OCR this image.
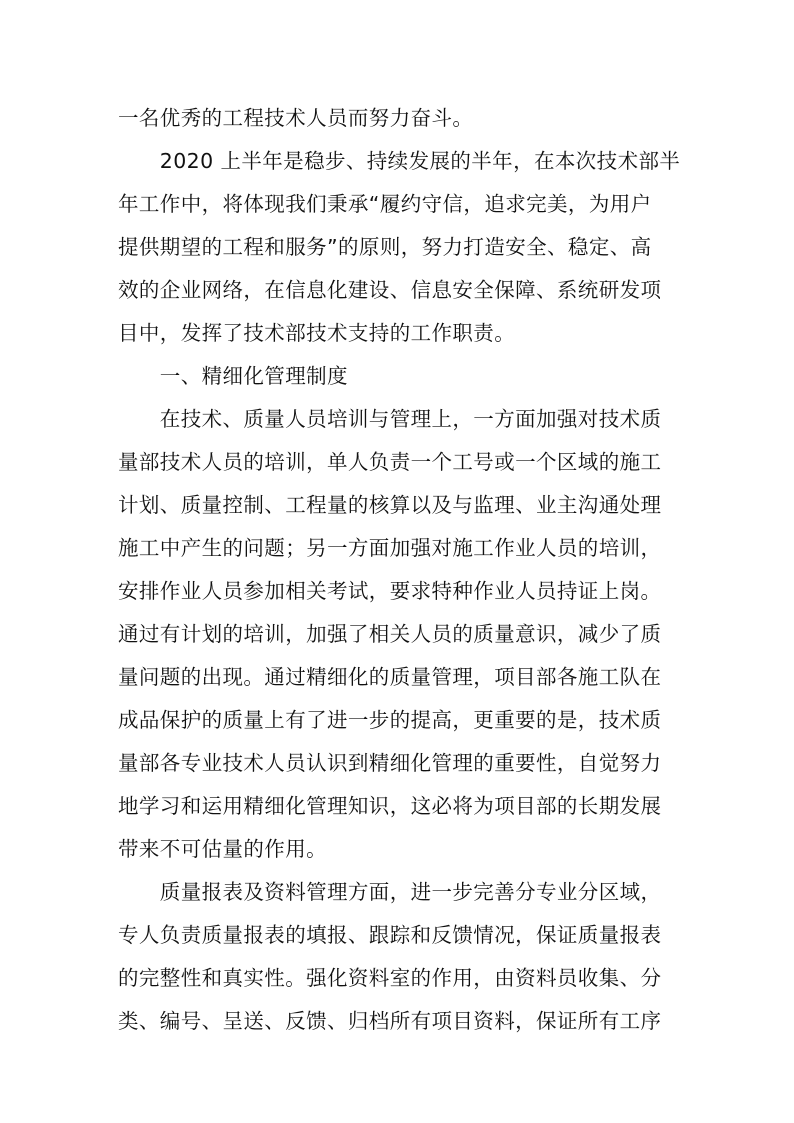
一名优秀的工程技术人员而努力奋斗。
　　2020 上半年是稳步、持续发展的半年，在本次技术部半
年工作中，将体现我们秉承“履约守信，追求完美，为用户
提供期望的工程和服务”的原则，努力打造安全、稳定、高
效的企业网络，在信息化建设、信息安全保障、系统研发项
目中，发挥了技术部技术支持的工作职责。
　　一、精细化管理制度
　　在技术、质量人员培训与管理上，一方面加强对技术质
量部技术人员的培训，单人负责一个工号或一个区域的施工
计划、质量控制、工程量的核算以及与监理、业主沟通处理
施工中产生的问题；另一方面加强对施工作业人员的培训，
安排作业人员参加相关考试，要求特种作业人员持证上岗。
通过有计划的培训，加强了相关人员的质量意识，减少了质
量问题的出现。通过精细化的质量管理，项目部各施工队在
成品保护的质量上有了进一步的提高，更重要的是，技术质
量部各专业技术人员认识到精细化管理的重要性，自觉努力
地学习和运用精细化管理知识，这必将为项目部的长期发展
带来不可估量的作用。
　　质量报表及资料管理方面，进一步完善分专业分区域，
专人负责质量报表的填报、跟踪和反馈情况，保证质量报表
的完整性和真实性。强化资料室的作用，由资料员收集、分
类、编号、呈送、反馈、归档所有项目资料，保证所有工序
